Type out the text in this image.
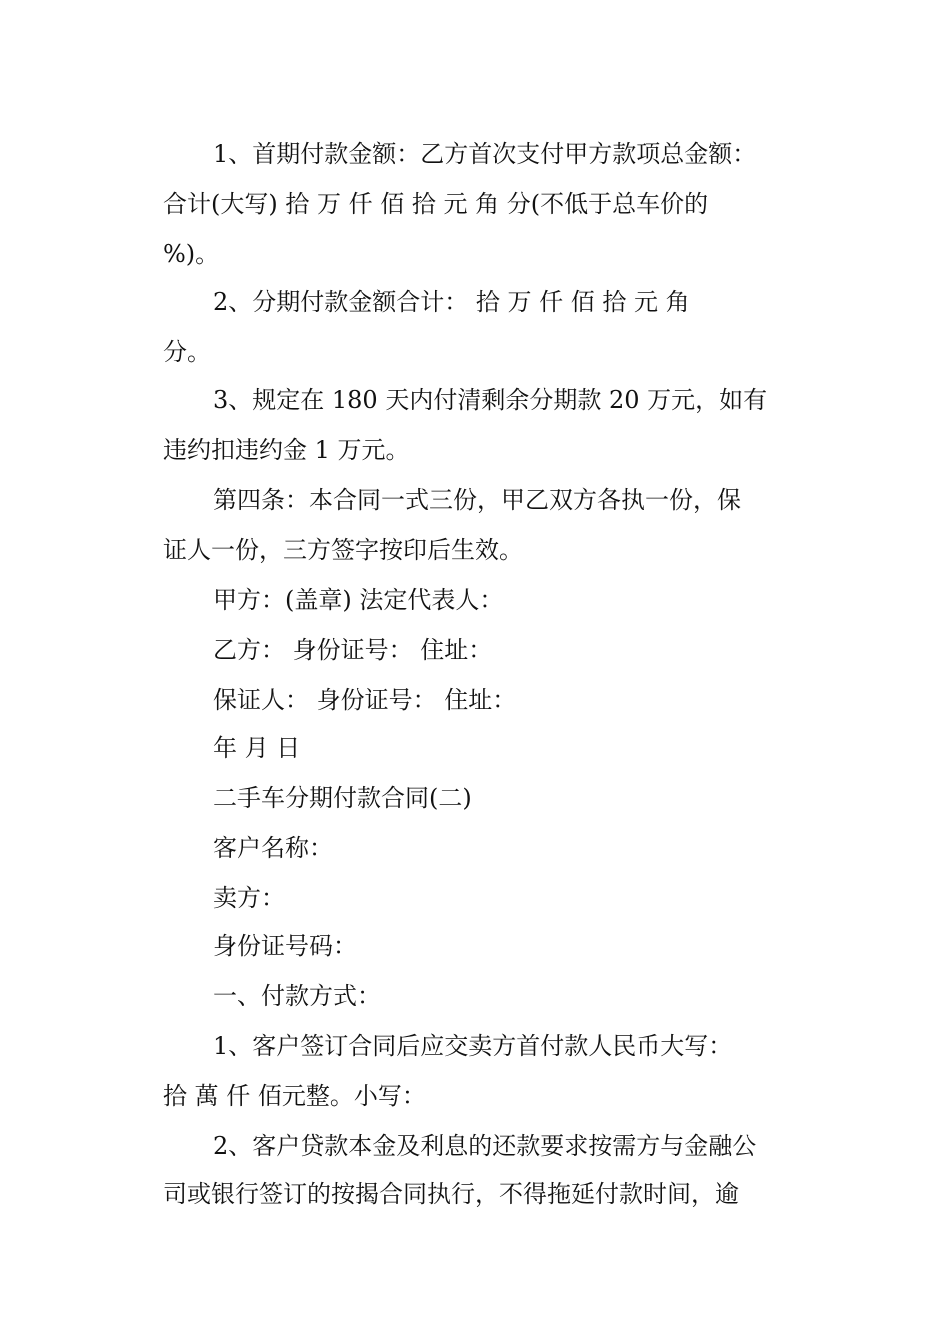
1、首期付款金额：乙方首次支付甲方款项总金额：

合计(大写) 拾 万 仟 佰 拾 元 角 分(不低于总车价的

%)。

2、分期付款金额合计： 拾 万 仟 佰 拾 元 角

分。

3、规定在 180 天内付清剩余分期款 20 万元，如有

违约扣违约金 1 万元。

第四条：本合同一式三份，甲乙双方各执一份，保

证人一份，三方签字按印后生效。

甲方：(盖章) 法定代表人：

乙方： 身份证号： 住址：

保证人： 身份证号： 住址：

年 月 日

二手车分期付款合同(二)

客户名称：

卖方：

身份证号码：

一、付款方式：

1、客户签订合同后应交卖方首付款人民币大写：

拾 萬 仟 佰元整。小写：

2、客户贷款本金及利息的还款要求按需方与金融公

司或银行签订的按揭合同执行，不得拖延付款时间，逾
